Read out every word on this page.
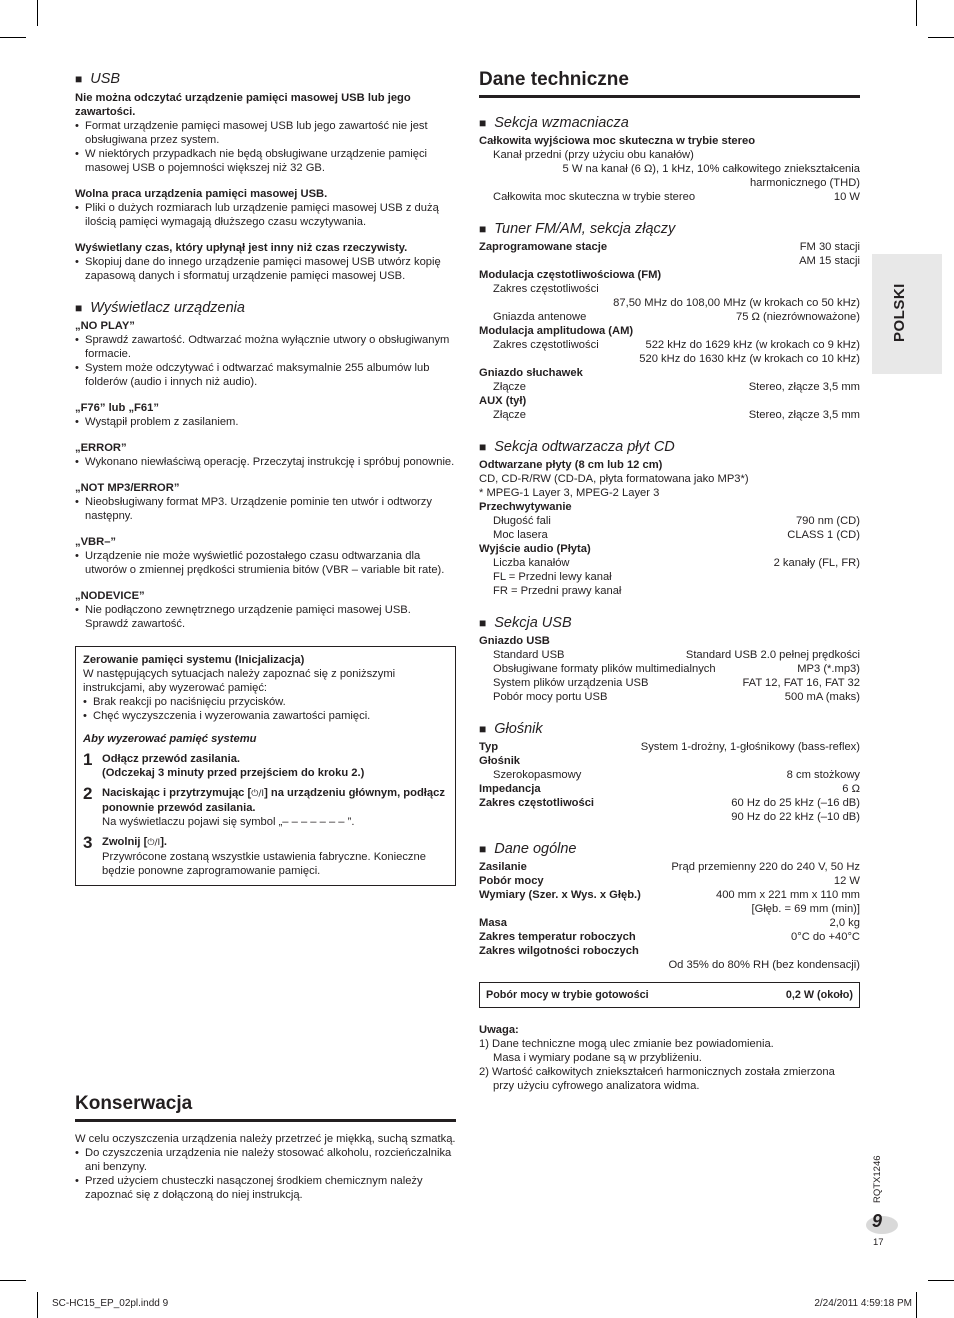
■ USB
Nie można odczytać urządzenie pamięci masowej USB lub jego zawartości.
• Format urządzenie pamięci masowej USB lub jego zawartość nie jest obsługiwana przez system.
• W niektórych przypadkach nie będą obsługiwane urządzenie pamięci masowej USB o pojemności większej niż 32 GB.
Wolna praca urządzenia pamięci masowej USB.
• Pliki o dużych rozmiarach lub urządzenie pamięci masowej USB z dużą ilością pamięci wymagają dłuższego czasu wczytywania.
Wyświetlany czas, który upłynął jest inny niż czas rzeczywisty.
• Skopiuj dane do innego urządzenie pamięci masowej USB utwórz kopię zapasową danych i sformatuj urządzenie pamięci masowej USB.
■ Wyświetlacz urządzenia
„NO PLAY”
• Sprawdź zawartość. Odtwarzać można wyłącznie utwory o obsługiwanym formacie.
• System może odczytywać i odtwarzać maksymalnie 255 albumów lub folderów (audio i innych niż audio).
„F76” lub „F61”
• Wystąpił problem z zasilaniem.
„ERROR”
• Wykonano niewłaściwą operację. Przeczytaj instrukcję i spróbuj ponownie.
„NOT MP3/ERROR”
• Nieobsługiwany format MP3. Urządzenie pominie ten utwór i odtworzy następny.
„VBR–”
• Urządzenie nie może wyświetlić pozostałego czasu odtwarzania dla utworów o zmiennej prędkości strumienia bitów (VBR – variable bit rate).
„NODEVICE”
• Nie podłączono zewnętrznego urządzenie pamięci masowej USB. Sprawdź zawartość.
Zerowanie pamięci systemu (Inicjalizacja)
W następujących sytuacjach należy zapoznać się z poniższymi instrukcjami, aby wyzerować pamięć:
• Brak reakcji po naciśnięciu przycisków.
• Chęć wyczyszczenia i wyzerowania zawartości pamięci.
Aby wyzerować pamięć systemu
1 Odłącz przewód zasilania.
(Odczekaj 3 minuty przed przejściem do kroku 2.)
2 Naciskając i przytrzymując [⏻/I] na urządzeniu głównym, podłącz ponownie przewód zasilania.
Na wyświetlaczu pojawi się symbol „– – – – – – – ”.
3 Zwolnij [⏻/I].
Przywrócone zostaną wszystkie ustawienia fabryczne. Konieczne będzie ponowne zaprogramowanie pamięci.
Konserwacja
W celu oczyszczenia urządzenia należy przetrzeć je miękką, suchą szmatką.
• Do czyszczenia urządzenia nie należy stosować alkoholu, rozcieńczalnika ani benzyny.
• Przed użyciem chusteczki nasączonej środkiem chemicznym należy zapoznać się z dołączoną do niej instrukcją.
Dane techniczne
■ Sekcja wzmacniacza
Całkowita wyjściowa moc skuteczna w trybie stereo
Kanał przedni (przy użyciu obu kanałów)
5 W na kanał (6 Ω), 1 kHz, 10% całkowitego zniekształcenia
harmonicznego (THD)
Całkowita moc skuteczna w trybie stereo	10 W
■ Tuner FM/AM, sekcja złączy
Zaprogramowane stacje	FM 30 stacji
AM 15 stacji
Modulacja częstotliwościowa (FM)
Zakres częstotliwości
87,50 MHz do 108,00 MHz (w krokach co 50 kHz)
Gniazda antenowe	75 Ω (niezrównoważone)
Modulacja amplitudowa (AM)
Zakres częstotliwości	522 kHz do 1629 kHz (w krokach co 9 kHz)
520 kHz do 1630 kHz (w krokach co 10 kHz)
Gniazdo słuchawek
Złącze	Stereo, złącze 3,5 mm
AUX (tył)
Złącze	Stereo, złącze 3,5 mm
■ Sekcja odtwarzacza płyt CD
Odtwarzane płyty (8 cm lub 12 cm)
CD, CD-R/RW (CD-DA, płyta formatowana jako MP3*)
* MPEG-1 Layer 3, MPEG-2 Layer 3
Przechwytywanie
Długość fali	790 nm (CD)
Moc lasera	CLASS 1 (CD)
Wyjście audio (Płyta)
Liczba kanałów	2 kanały (FL, FR)
FL = Przedni lewy kanał
FR = Przedni prawy kanał
■ Sekcja USB
Gniazdo USB
Standard USB	Standard USB 2.0 pełnej prędkości
Obsługiwane formaty plików multimedialnych	MP3 (*.mp3)
System plików urządzenia USB	FAT 12, FAT 16, FAT 32
Pobór mocy portu USB	500 mA (maks)
■ Głośnik
Typ	System 1-drożny, 1-głośnikowy (bass-reflex)
Głośnik
Szerokopasmowy	8 cm stożkowy
Impedancja	6 Ω
Zakres częstotliwości	60 Hz do 25 kHz (–16 dB)
90 Hz do 22 kHz (–10 dB)
■ Dane ogólne
Zasilanie	Prąd przemienny 220 do 240 V, 50 Hz
Pobór mocy	12 W
Wymiary (Szer. x Wys. x Głęb.)	400 mm x 221 mm x 110 mm
[Głęb. = 69 mm (min)]
Masa	2,0 kg
Zakres temperatur roboczych	0°C do +40°C
Zakres wilgotności roboczych
Od 35% do 80% RH (bez kondensacji)
Pobór mocy w trybie gotowości	0,2 W (około)
Uwaga:
1) Dane techniczne mogą ulec zmianie bez powiadomienia.
Masa i wymiary podane są w przybliżeniu.
2) Wartość całkowitych zniekształceń harmonicznych została zmierzona
przy użyciu cyfrowego analizatora widma.
POLSKI
RQTX1246
9
17
SC-HC15_EP_02pl.indd 9	2/24/2011 4:59:18 PM
